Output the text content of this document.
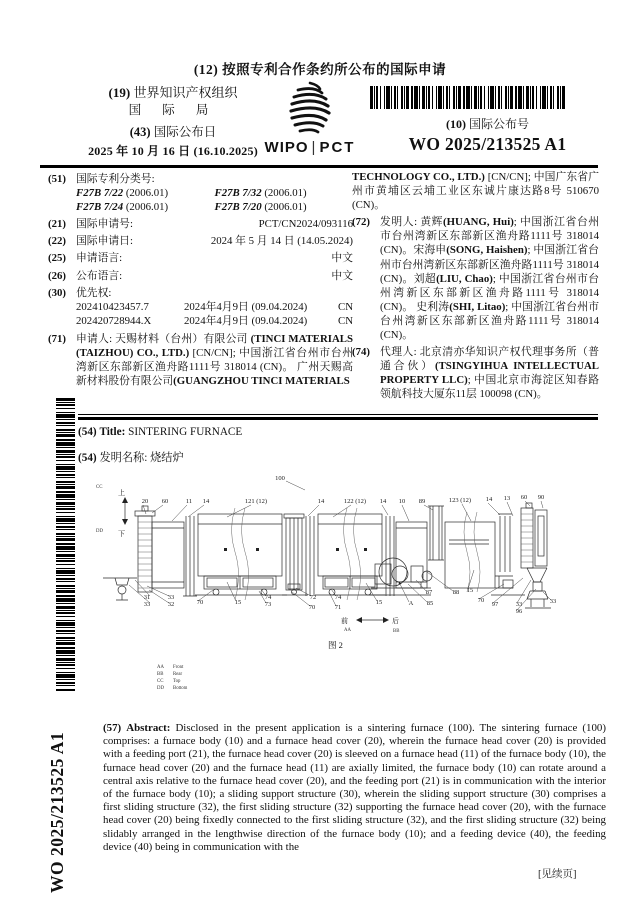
(12) 按照专利合作条约所公布的国际申请
(19) 世界知识产权组织
国 际 局
(43) 国际公布日
2025 年 10 月 16 日 (16.10.2025) WIPO | PCT
(10) 国际公布号
WO 2025/213525 A1
(51) 国际专利分类号:
F27B 7/22 (2006.01)	F27B 7/32 (2006.01)
F27B 7/24 (2006.01)	F27B 7/20 (2006.01)
(21) 国际申请号:	PCT/CN2024/093116
(22) 国际申请日:	2024 年 5 月 14 日 (14.05.2024)
(25) 申请语言:	中文
(26) 公布语言:	中文
(30) 优先权:
202410423457.7	2024年4月9日 (09.04.2024)	CN
202420728944.X	2024年4月9日 (09.04.2024)	CN
(71) 申请人: 天赐材料（台州）有限公司 (TINCI MATERIALS (TAIZHOU) CO., LTD.) [CN/CN]; 中国浙江省台州市台州湾新区东部新区渔舟路1111号 318014 (CN)。 广州天赐高新材料股份有限公司(GUANGZHOU TINCI MATERIALS
TECHNOLOGY CO., LTD.) [CN/CN]; 中国广东省广州市黄埔区云埔工业区东诚片康达路8号 510670 (CN)。
(72) 发明人: 黄辉(HUANG, Hui); 中国浙江省台州市台州湾新区东部新区渔舟路1111号 318014 (CN)。宋海申(SONG, Haishen); 中国浙江省台州市台州湾新区东部新区渔舟路1111号 318014 (CN)。刘超(LIU, Chao); 中国浙江省台州市台州湾新区东部新区渔舟路1111号 318014 (CN)。 史利涛(SHI, Litao); 中国浙江省台州市台州湾新区东部新区渔舟路1111号 318014 (CN)。
(74) 代理人: 北京清亦华知识产权代理事务所（普通合伙）(TSINGYIHUA INTELLECTUAL PROPERTY LLC); 中国北京市海淀区知春路领航科技大厦东11层 100098 (CN)。
WO 2025/213525 A1
(54) Title: SINTERING FURNACE
(54) 发明名称: 烧结炉
CC
上
DD 下
前	后
AA	BB
图 2
AA Front
BB Rear
CC Top
DD Bottom
100
20 60	11 14	121 (12)	14	122 (12) 14 10 89	123 (12) 14 13 60 90
31
33
33
32	70	15
74
73
72
70
74
71
15	A 85
87	88 15
70
97	33
96
33
(57) Abstract: Disclosed in the present application is a sintering furnace (100). The sintering furnace (100) comprises: a furnace body (10) and a furnace head cover (20), wherein the furnace head cover (20) is provided with a feeding port (21), the furnace head cover (20) is sleeved on a furnace head (11) of the furnace body (10), the furnace head cover (20) and the furnace head (11) are axially limited, the furnace body (10) can rotate around a central axis relative to the furnace head cover (20), and the feeding port (21) is in communication with the interior of the furnace body (10); a sliding support structure (30), wherein the sliding support structure (30) comprises a first sliding structure (32), the first sliding structure (32) supporting the furnace head cover (20), with the furnace head cover (20) being fixedly connected to the first sliding structure (32), and the first sliding structure (32) being slidably arranged in the lengthwise direction of the furnace body (10); and a feeding device (40), the feeding device (40) being in communication with the
[见续页]
